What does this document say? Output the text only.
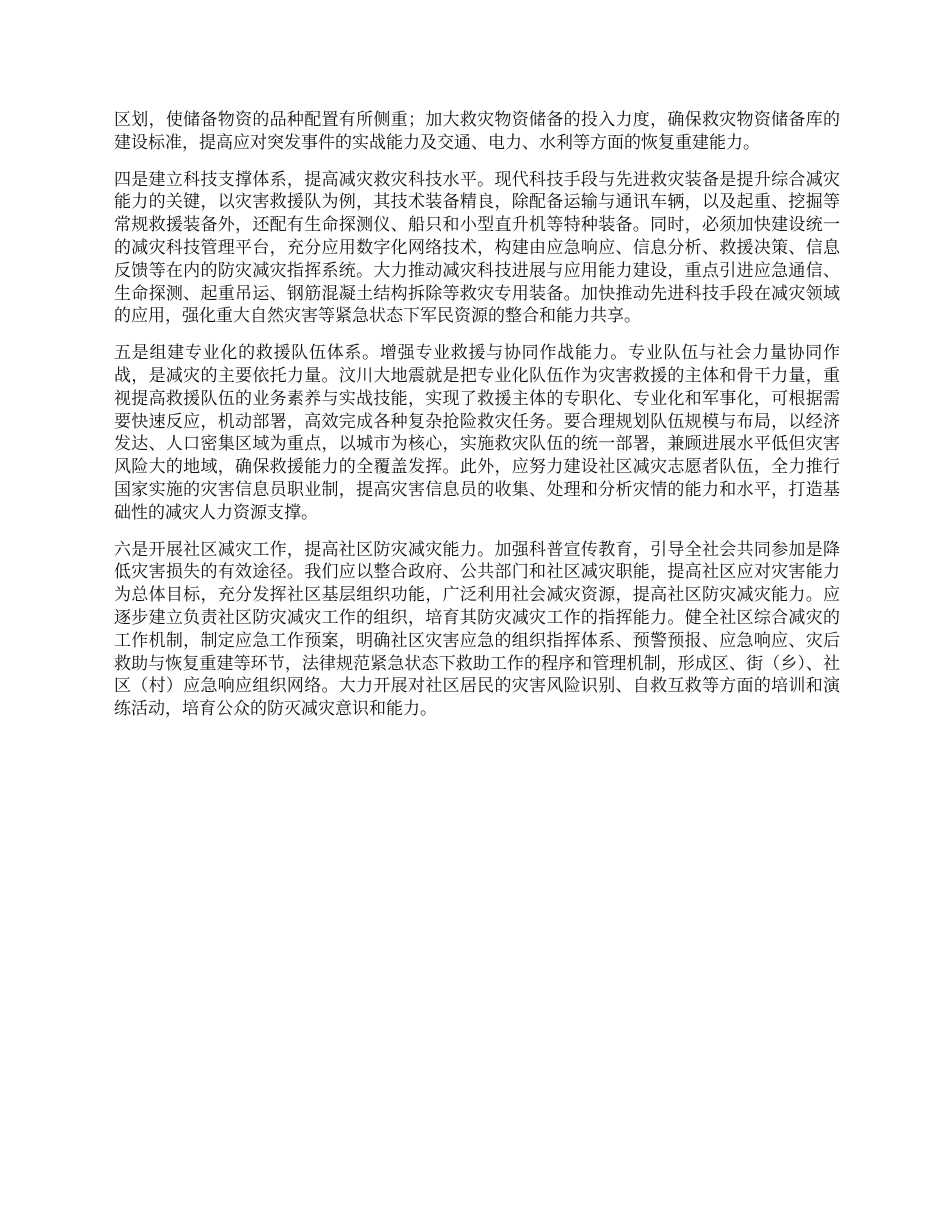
区划，使储备物资的品种配置有所侧重；加大救灾物资储备的投入力度，确保救灾物资储备库的建设标准，提高应对突发事件的实战能力及交通、电力、水利等方面的恢复重建能力。

四是建立科技支撑体系，提高减灾救灾科技水平。现代科技手段与先进救灾装备是提升综合减灾能力的关键，以灾害救援队为例，其技术装备精良，除配备运输与通讯车辆，以及起重、挖掘等常规救援装备外，还配有生命探测仪、船只和小型直升机等特种装备。同时，必须加快建设统一的减灾科技管理平台，充分应用数字化网络技术，构建由应急响应、信息分析、救援决策、信息反馈等在内的防灾减灾指挥系统。大力推动减灾科技进展与应用能力建设，重点引进应急通信、生命探测、起重吊运、钢筋混凝土结构拆除等救灾专用装备。加快推动先进科技手段在减灾领域的应用，强化重大自然灾害等紧急状态下军民资源的整合和能力共享。

五是组建专业化的救援队伍体系。增强专业救援与协同作战能力。专业队伍与社会力量协同作战，是减灾的主要依托力量。汶川大地震就是把专业化队伍作为灾害救援的主体和骨干力量，重视提高救援队伍的业务素养与实战技能，实现了救援主体的专职化、专业化和军事化，可根据需要快速反应，机动部署，高效完成各种复杂抢险救灾任务。要合理规划队伍规模与布局，以经济发达、人口密集区域为重点，以城市为核心，实施救灾队伍的统一部署，兼顾进展水平低但灾害风险大的地域，确保救援能力的全覆盖发挥。此外，应努力建设社区减灾志愿者队伍，全力推行国家实施的灾害信息员职业制，提高灾害信息员的收集、处理和分析灾情的能力和水平，打造基础性的减灾人力资源支撑。

六是开展社区减灾工作，提高社区防灾减灾能力。加强科普宣传教育，引导全社会共同参加是降低灾害损失的有效途径。我们应以整合政府、公共部门和社区减灾职能，提高社区应对灾害能力为总体目标，充分发挥社区基层组织功能，广泛利用社会减灾资源，提高社区防灾减灾能力。应逐步建立负责社区防灾减灾工作的组织，培育其防灾减灾工作的指挥能力。健全社区综合减灾的工作机制，制定应急工作预案，明确社区灾害应急的组织指挥体系、预警预报、应急响应、灾后救助与恢复重建等环节，法律规范紧急状态下救助工作的程序和管理机制，形成区、街（乡）、社区（村）应急响应组织网络。大力开展对社区居民的灾害风险识别、自救互救等方面的培训和演练活动，培育公众的防灭减灾意识和能力。
